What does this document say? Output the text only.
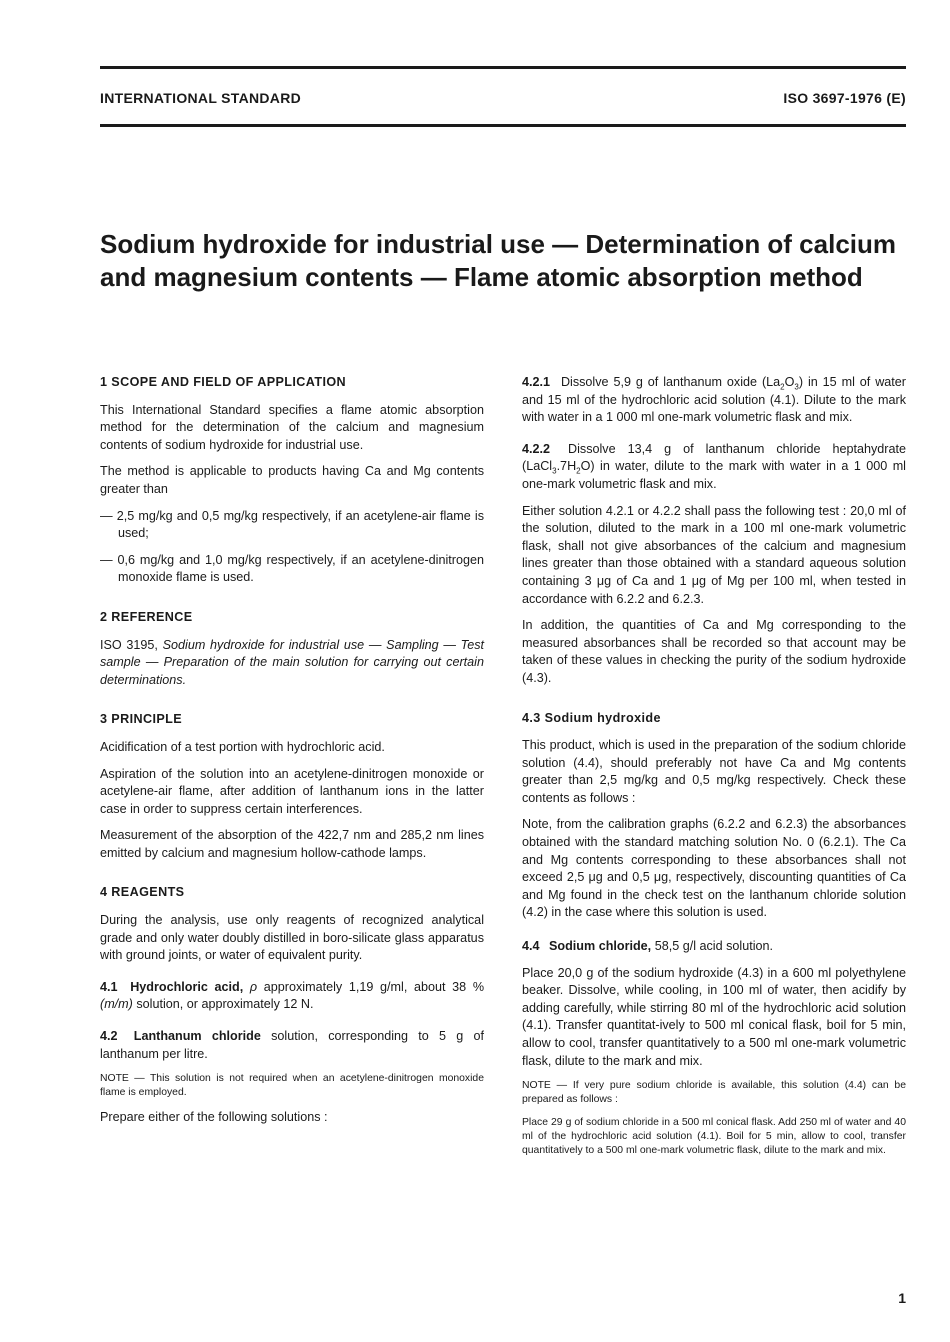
INTERNATIONAL STANDARD	ISO 3697-1976 (E)
Sodium hydroxide for industrial use — Determination of calcium and magnesium contents — Flame atomic absorption method
1 SCOPE AND FIELD OF APPLICATION

This International Standard specifies a flame atomic absorption method for the determination of the calcium and magnesium contents of sodium hydroxide for industrial use.

The method is applicable to products having Ca and Mg contents greater than

— 2,5 mg/kg and 0,5 mg/kg respectively, if an acetylene-air flame is used;

— 0,6 mg/kg and 1,0 mg/kg respectively, if an acetylene-dinitrogen monoxide flame is used.

2 REFERENCE

ISO 3195, Sodium hydroxide for industrial use — Sampling — Test sample — Preparation of the main solution for carrying out certain determinations.

3 PRINCIPLE

Acidification of a test portion with hydrochloric acid.

Aspiration of the solution into an acetylene-dinitrogen monoxide or acetylene-air flame, after addition of lanthanum ions in the latter case in order to suppress certain interferences.

Measurement of the absorption of the 422,7 nm and 285,2 nm lines emitted by calcium and magnesium hollow-cathode lamps.

4 REAGENTS

During the analysis, use only reagents of recognized analytical grade and only water doubly distilled in boro-silicate glass apparatus with ground joints, or water of equivalent purity.

4.1 Hydrochloric acid, ρ approximately 1,19 g/ml, about 38 % (m/m) solution, or approximately 12 N.

4.2 Lanthanum chloride solution, corresponding to 5 g of lanthanum per litre.

NOTE — This solution is not required when an acetylene-dinitrogen monoxide flame is employed.

Prepare either of the following solutions :

4.2.1 Dissolve 5,9 g of lanthanum oxide $(La_2O_3)$ in 15 ml of water and 15 ml of the hydrochloric acid solution (4.1). Dilute to the mark with water in a 1 000 ml one-mark volumetric flask and mix.

4.2.2 Dissolve 13,4 g of lanthanum chloride heptahydrate $(LaCl_3.7H_2O)$ in water, dilute to the mark with water in a 1 000 ml one-mark volumetric flask and mix.

Either solution 4.2.1 or 4.2.2 shall pass the following test : 20,0 ml of the solution, diluted to the mark in a 100 ml one-mark volumetric flask, shall not give absorbances of the calcium and magnesium lines greater than those obtained with a standard aqueous solution containing 3 μg of Ca and 1 μg of Mg per 100 ml, when tested in accordance with 6.2.2 and 6.2.3.

In addition, the quantities of Ca and Mg corresponding to the measured absorbances shall be recorded so that account may be taken of these values in checking the purity of the sodium hydroxide (4.3).

4.3 Sodium hydroxide

This product, which is used in the preparation of the sodium chloride solution (4.4), should preferably not have Ca and Mg contents greater than 2,5 mg/kg and 0,5 mg/kg respectively. Check these contents as follows :

Note, from the calibration graphs (6.2.2 and 6.2.3) the absorbances obtained with the standard matching solution No. 0 (6.2.1). The Ca and Mg contents corresponding to these absorbances shall not exceed 2,5 μg and 0,5 μg, respectively, discounting quantities of Ca and Mg found in the check test on the lanthanum chloride solution (4.2) in the case where this solution is used.

4.4 Sodium chloride, 58,5 g/l acid solution.

Place 20,0 g of the sodium hydroxide (4.3) in a 600 ml polyethylene beaker. Dissolve, while cooling, in 100 ml of water, then acidify by adding carefully, while stirring 80 ml of the hydrochloric acid solution (4.1). Transfer quantitat-ively to 500 ml conical flask, boil for 5 min, allow to cool, transfer quantitatively to a 500 ml one-mark volumetric flask, dilute to the mark and mix.

NOTE — If very pure sodium chloride is available, this solution (4.4) can be prepared as follows :

Place 29 g of sodium chloride in a 500 ml conical flask. Add 250 ml of water and 40 ml of the hydrochloric acid solution (4.1). Boil for 5 min, allow to cool, transfer quantitatively to a 500 ml one-mark volumetric flask, dilute to the mark and mix.

1
